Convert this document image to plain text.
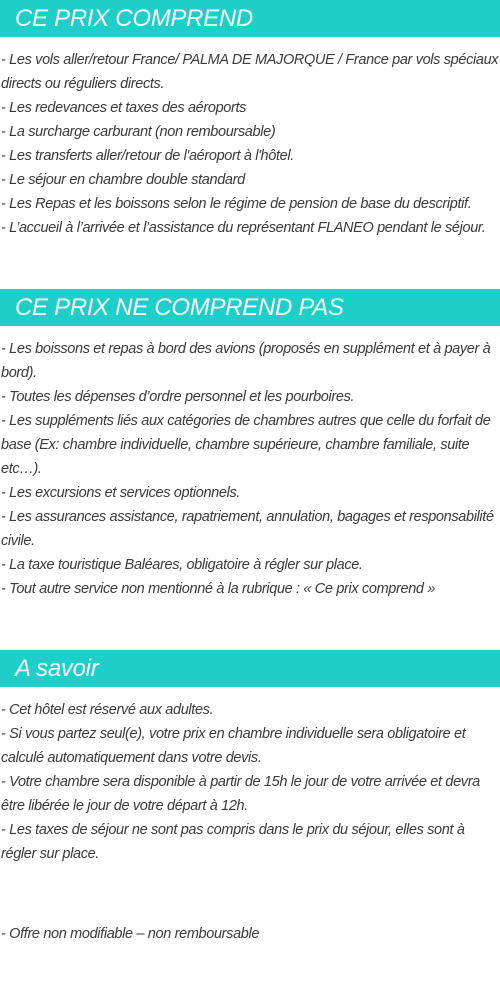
CE PRIX COMPREND

- Les vols aller/retour France/ PALMA DE MAJORQUE / France par vols spéciaux directs ou réguliers directs.

- Les redevances et taxes des aéroports

- La surcharge carburant (non remboursable)

- Les transferts aller/retour de l'aéroport à l'hôtel.

- Le séjour en chambre double standard

- Les Repas et les boissons selon le régime de pension de base du descriptif.

- L’accueil à l’arrivée et l’assistance du représentant FLANEO pendant le séjour.

CE PRIX NE COMPREND PAS

- Les boissons et repas à bord des avions (proposés en supplément et à payer à bord).

- Toutes les dépenses d’ordre personnel et les pourboires.

- Les suppléments liés aux catégories de chambres autres que celle du forfait de base (Ex: chambre individuelle, chambre supérieure, chambre familiale, suite etc…).

- Les excursions et services optionnels.

- Les assurances assistance, rapatriement, annulation, bagages et responsabilité civile.

- La taxe touristique Baléares, obligatoire à régler sur place.

- Tout autre service non mentionné à la rubrique : « Ce prix comprend »

A savoir

- Cet hôtel est réservé aux adultes.

- Si vous partez seul(e), votre prix en chambre individuelle sera obligatoire et calculé automatiquement dans votre devis.

- Votre chambre sera disponible à partir de 15h le jour de votre arrivée et devra être libérée le jour de votre départ à 12h.

- Les taxes de séjour ne sont pas compris dans le prix du séjour, elles sont à régler sur place.

- Offre non modifiable – non remboursable
